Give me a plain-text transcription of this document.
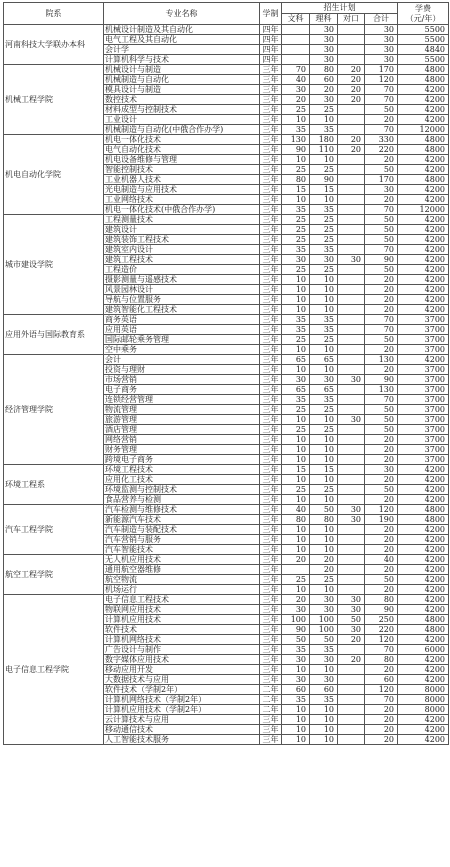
院系	专业名称	学制	招生计划				学费
（元/年）

			文科	理科	对口	合计	
河南科技大学联办本科	机械设计制造及其自动化	四年		30		30	5500
	电气工程及其自动化	四年		30		30	5500
	会计学	四年		30		30	4840
	计算机科学与技术	四年		30		30	5500
机械工程学院	机械设计与制造	三年	70	80	20	170	4800
	机械制造与自动化	三年	40	60	20	120	4800
	模具设计与制造	三年	30	20	20	70	4200
	数控技术	三年	20	30	20	70	4200
	材料成型与控制技术	三年	25	25		50	4200
	工业设计	三年	10	10		20	4200
	机械制造与自动化(中俄合作办学)	三年	35	35		70	12000
机电自动化学院	机电一体化技术	三年	130	180	20	330	4800
	电气自动化技术	三年	90	110	20	220	4800
	机电设备维修与管理	三年	10	10		20	4200
	智能控制技术	三年	25	25		50	4200
	工业机器人技术	三年	80	90		170	4800
	光电制造与应用技术	三年	15	15		30	4200
	工业网络技术	三年	10	10		20	4200
	机电一体化技术(中俄合作办学)	三年	35	35		70	12000
城市建设学院	工程测量技术	三年	25	25		50	4200
	建筑设计	三年	25	25		50	4200
	建筑装饰工程技术	三年	25	25		50	4200
	建筑室内设计	三年	35	35		70	4200
	建筑工程技术	三年	30	30	30	90	4200
	工程造价	三年	25	25		50	4200
	摄影测量与遥感技术	三年	10	10		20	4200
	风景园林设计	三年	10	10		20	4200
	导航与位置服务	三年	10	10		20	4200
	建筑智能化工程技术	三年	10	10		20	4200
应用外语与国际教育系	商务英语	三年	35	35		70	3700
	应用英语	三年	35	35		70	3700
	国际邮轮乘务管理	三年	25	25		50	3700
	空中乘务	三年	10	10		20	3700
经济管理学院	会计	三年	65	65		130	4200
	投资与理财	三年	10	10		20	3700
	市场营销	三年	30	30	30	90	3700
	电子商务	三年	65	65		130	3700
	连锁经营管理	三年	35	35		70	3700
	物流管理	三年	25	25		50	3700
	旅游管理	三年	10	10	30	50	3700
	酒店管理	三年	25	25		50	3700
	网络营销	三年	10	10		20	3700
	财务管理	三年	10	10		20	3700
	跨境电子商务	三年	10	10		20	3700
环境工程系	环境工程技术	三年	15	15		30	4200
	应用化工技术	三年	10	10		20	4200
	环境监测与控制技术	三年	25	25		50	4200
	食品营养与检测	三年	10	10		20	4200
汽车工程学院	汽车检测与维修技术	三年	40	50	30	120	4800
	新能源汽车技术	三年	80	80	30	190	4800
	汽车制造与装配技术	三年	10	10		20	4200
	汽车营销与服务	三年	10	10		20	4200
	汽车智能技术	三年	10	10		20	4200
航空工程学院	无人机应用技术	三年	20	20		40	4200
	通用航空器维修	三年		20		20	4200
	航空物流	三年	25	25		50	4200
	机场运行	三年	10	10		20	4200
电子信息工程学院	电子信息工程技术	三年	20	30	30	80	4200
	物联网应用技术	三年	30	30	30	90	4200
	计算机应用技术	三年	100	100	50	250	4800
	软件技术	三年	90	100	30	220	4800
	计算机网络技术	三年	50	50	20	120	4200
	广告设计与制作	三年	35	35		70	6000
	数字媒体应用技术	三年	30	30	20	80	4200
	移动应用开发	三年	10	10		20	4200
	大数据技术与应用	三年	30	30		60	4200
	软件技术（学制2年）	二年	60	60		120	8000
	计算机网络技术（学制2年）	二年	35	35		70	8000
	计算机应用技术（学制2年）	二年	10	10		20	8000
	云计算技术与应用	三年	10	10		20	4200
	移动通信技术	三年	10	10		20	4200
	人工智能技术服务	三年	10	10		20	4200
